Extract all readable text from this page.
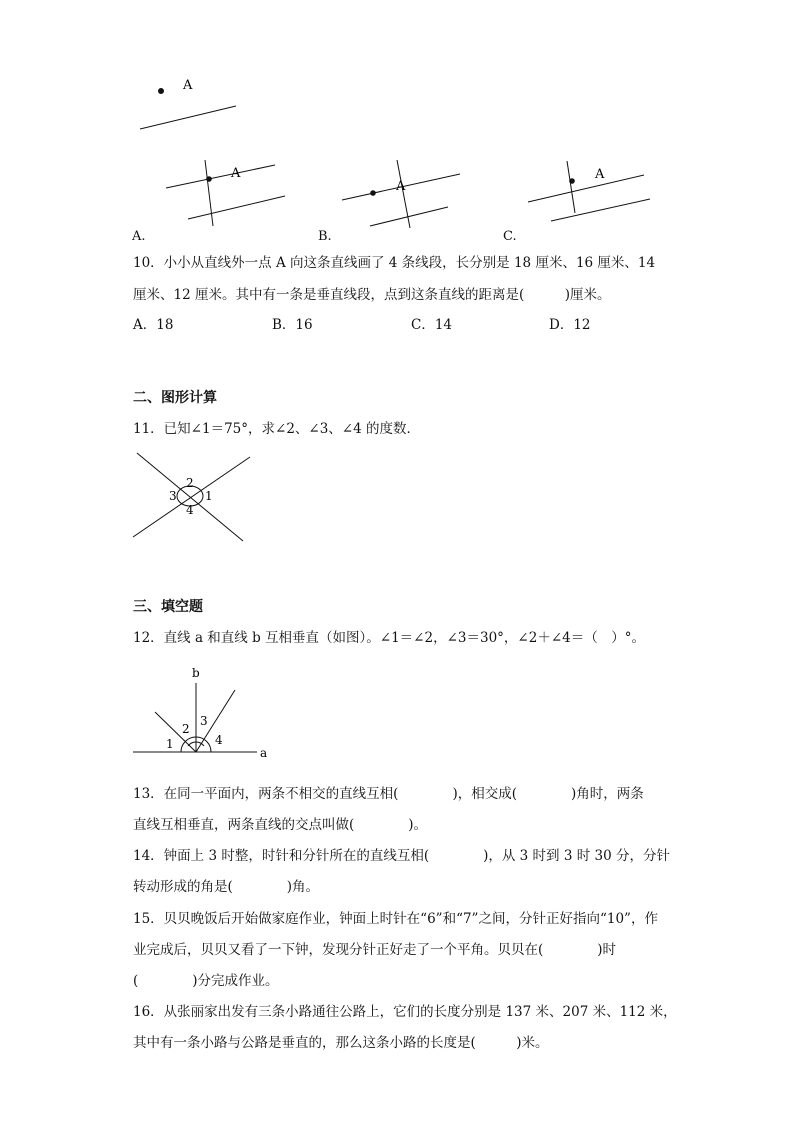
A
A
A
A
A.	B.	C.

10．小小从直线外一点 A 向这条直线画了 4 条线段，长分别是 18 厘米、16 厘米、14

厘米、12 厘米。其中有一条是垂直线段，点到这条直线的距离是(　　　)厘米。

A．18	B．16	C．14	D．12
二、图形计算

11．已知∠1＝75°，求∠2、∠3、∠4 的度数．

2
3 1
4
三、填空题

12．直线 a 和直线 b 互相垂直（如图）。∠1＝∠2，∠3＝30°，∠2＋∠4＝（　）°。

b
a
1
2
3
4

13．在同一平面内，两条不相交的直线互相(　　　　)，相交成(　　　　)角时，两条

直线互相垂直，两条直线的交点叫做(　　　　)。

14．钟面上 3 时整，时针和分针所在的直线互相(　　　　)，从 3 时到 3 时 30 分，分针

转动形成的角是(　　　　)角。

15．贝贝晚饭后开始做家庭作业，钟面上时针在“6”和“7”之间，分针正好指向“10”，作

业完成后，贝贝又看了一下钟，发现分针正好走了一个平角。贝贝在(　　　　)时

(　　　　)分完成作业。

16．从张丽家出发有三条小路通往公路上，它们的长度分别是 137 米、207 米、112 米，

其中有一条小路与公路是垂直的，那么这条小路的长度是(　　　)米。
